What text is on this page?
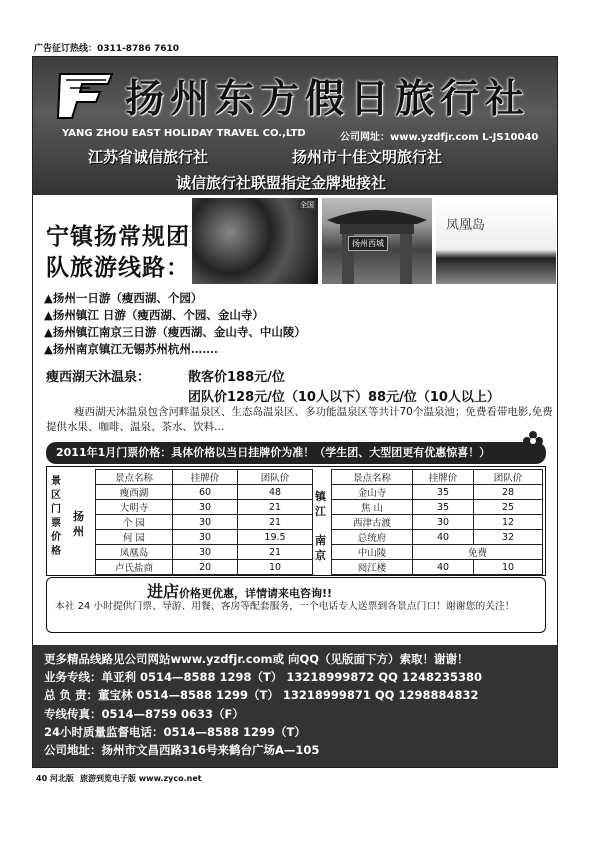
广告征订热线：0311-8786 7610
扬州东方假日旅行社
YANG ZHOU EAST HOLIDAY TRAVEL CO.,LTD	公司网址：www.yzdfjr.com L-JS10040
江苏省诚信旅行社	扬州市十佳文明旅行社
诚信旅行社联盟指定金牌地接社
宁镇扬常规团
队旅游线路：
全国
扬州西城
凤凰岛
▲扬州一日游（瘦西湖、个园）
▲扬州镇江 日游（瘦西湖、个园、金山寺）
▲扬州镇江南京三日游（瘦西湖、金山寺、中山陵）
▲扬州南京镇江无锡苏州杭州…….
瘦西湖天沐温泉：	散客价188元/位
团队价128元/位（10人以下）88元/位（10人以上）
瘦西湖天沐温泉包含河畔温泉区、生态岛温泉区、多功能温泉区等共计70个温泉池；免费看带电影,免费提供水果、咖啡、温泉、茶水、饮料…
2011年1月门票价格：具体价格以当日挂牌价为准！（学生团、大型团更有优惠惊喜！）
景区门票价格
扬州
景点名称	挂牌价	团队价
瘦西湖	60	48
大明寺	30	21
个 园	30	21
何 园	30	19.5
凤凰岛	30	21
卢氏盐商	20	10
镇江
南京
景点名称	挂牌价	团队价
金山寺	35	28
焦 山	35	25
西津古渡	30	12
总统府	40	32
中山陵	免费	
阅江楼	40	10
进店价格更优惠，详情请来电咨询!!
本社 24 小时提供门票、导游、用餐、客房等配套服务，一个电话专人送票到各景点门口！谢谢您的关注！
更多精品线路见公司网站www.yzdfjr.com或 向QQ（见版面下方）索取！谢谢！
业务专线：单亚利 0514—8588 1298（T） 13218999872 QQ 1248235380
总 负 责：董宝林 0514—8588 1299（T） 13218999871 QQ 1298884832
专线传真：0514—8759 0633（F）
24小时质量监督电话：0514—8588 1299（T）
公司地址：扬州市文昌西路316号来鹤台广场A—105
40 河北版 旅游到览电子版 www.zyco.net
